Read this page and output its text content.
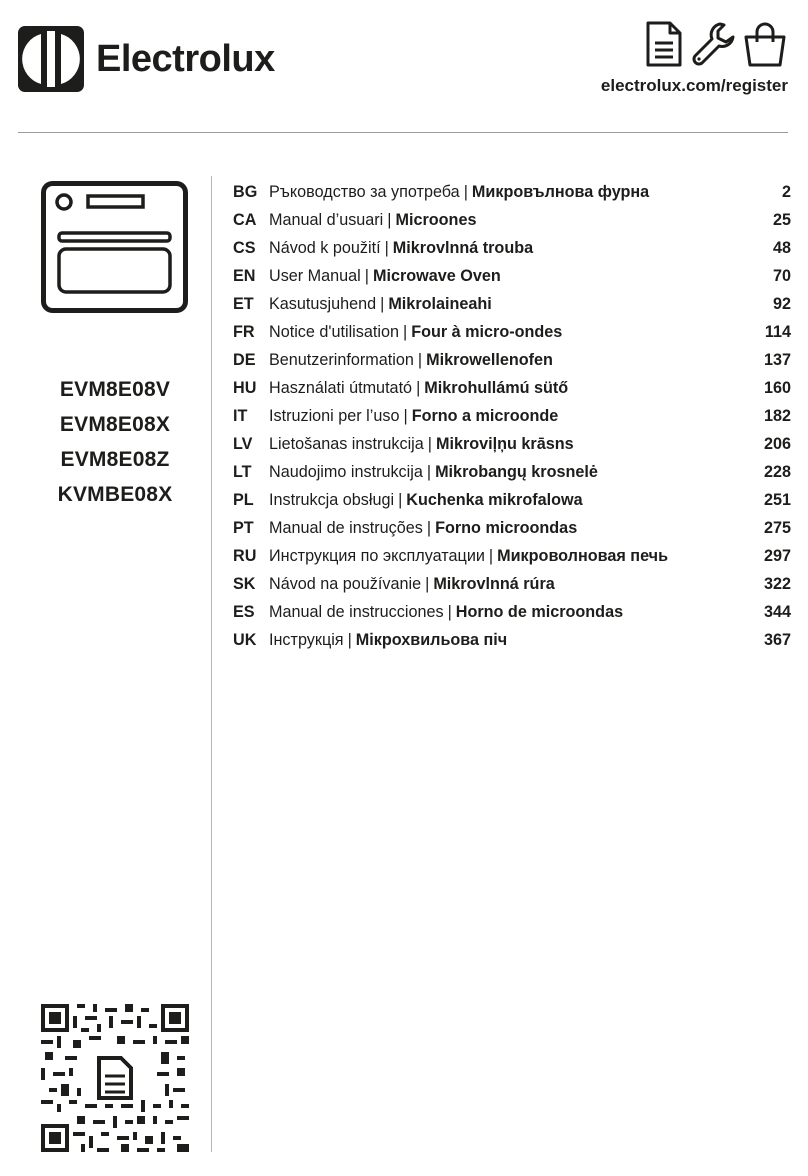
Electrolux
electrolux.com/register
EVM8E08V
EVM8E08X
EVM8E08Z
KVMBE08X
BG Ръководство за употреба | Микровълнова фурна	2
CA Manual d’usuari | Microones	25
CS Návod k použití | Mikrovlnná trouba	48
EN User Manual | Microwave Oven	70
ET Kasutusjuhend | Mikrolaineahi	92
FR Notice d'utilisation | Four à micro-ondes	114
DE Benutzerinformation | Mikrowellenofen	137
HU Használati útmutató | Mikrohullámú sütő	160
IT	Istruzioni per l’uso | Forno a microonde	182
LV	Lietošanas instrukcija | Mikroviļņu krāsns	206
LT	Naudojimo instrukcija | Mikrobangų krosnelė	228
PL Instrukcja obsługi | Kuchenka mikrofalowa	251
PT Manual de instruções | Forno microondas	275
RU Инструкция по эксплуатации | Микроволновая печь	297
SK Návod na používanie | Mikrovlnná rúra	322
ES Manual de instrucciones | Horno de microondas	344
UK Інструкція | Мікрохвильова піч	367
